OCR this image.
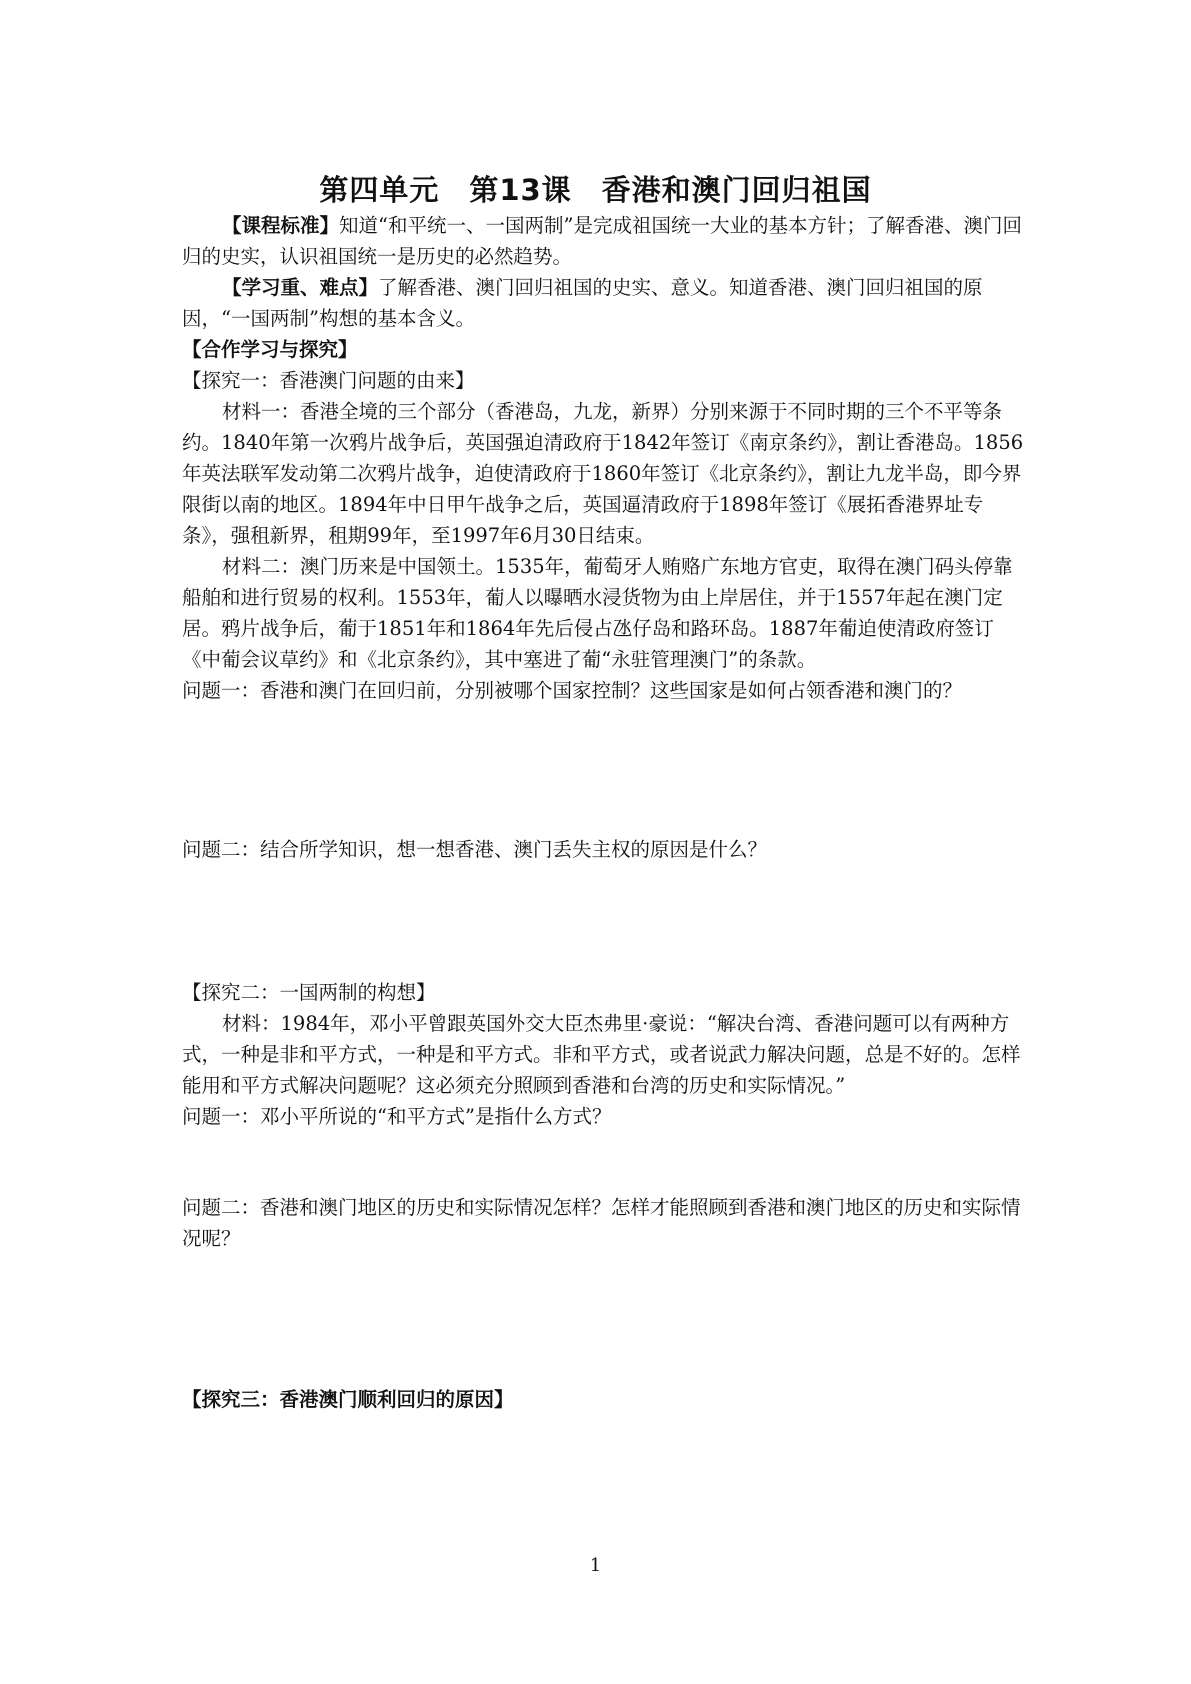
第四单元　第13课　香港和澳门回归祖国

【课程标准】知道“和平统一、一国两制”是完成祖国统一大业的基本方针；了解香港、澳门回归的史实，认识祖国统一是历史的必然趋势。

【学习重、难点】了解香港、澳门回归祖国的史实、意义。知道香港、澳门回归祖国的原因，“一国两制”构想的基本含义。

【合作学习与探究】

【探究一：香港澳门问题的由来】

材料一：香港全境的三个部分（香港岛，九龙，新界）分别来源于不同时期的三个不平等条约。1840年第一次鸦片战争后，英国强迫清政府于1842年签订《南京条约》，割让香港岛。1856年英法联军发动第二次鸦片战争，迫使清政府于1860年签订《北京条约》，割让九龙半岛，即今界限街以南的地区。1894年中日甲午战争之后，英国逼清政府于1898年签订《展拓香港界址专条》，强租新界，租期99年，至1997年6月30日结束。

材料二：澳门历来是中国领土。1535年，葡萄牙人贿赂广东地方官吏，取得在澳门码头停靠船舶和进行贸易的权利。1553年，葡人以曝晒水浸货物为由上岸居住，并于1557年起在澳门定居。鸦片战争后，葡于1851年和1864年先后侵占氹仔岛和路环岛。1887年葡迫使清政府签订《中葡会议草约》和《北京条约》，其中塞进了葡“永驻管理澳门”的条款。

问题一：香港和澳门在回归前，分别被哪个国家控制？这些国家是如何占领香港和澳门的？

问题二：结合所学知识，想一想香港、澳门丢失主权的原因是什么？

【探究二：一国两制的构想】

材料：1984年，邓小平曾跟英国外交大臣杰弗里·豪说：“解决台湾、香港问题可以有两种方式，一种是非和平方式，一种是和平方式。非和平方式，或者说武力解决问题，总是不好的。怎样能用和平方式解决问题呢？这必须充分照顾到香港和台湾的历史和实际情况。”

问题一：邓小平所说的“和平方式”是指什么方式？

问题二：香港和澳门地区的历史和实际情况怎样？怎样才能照顾到香港和澳门地区的历史和实际情况呢？

【探究三：香港澳门顺利回归的原因】

1
